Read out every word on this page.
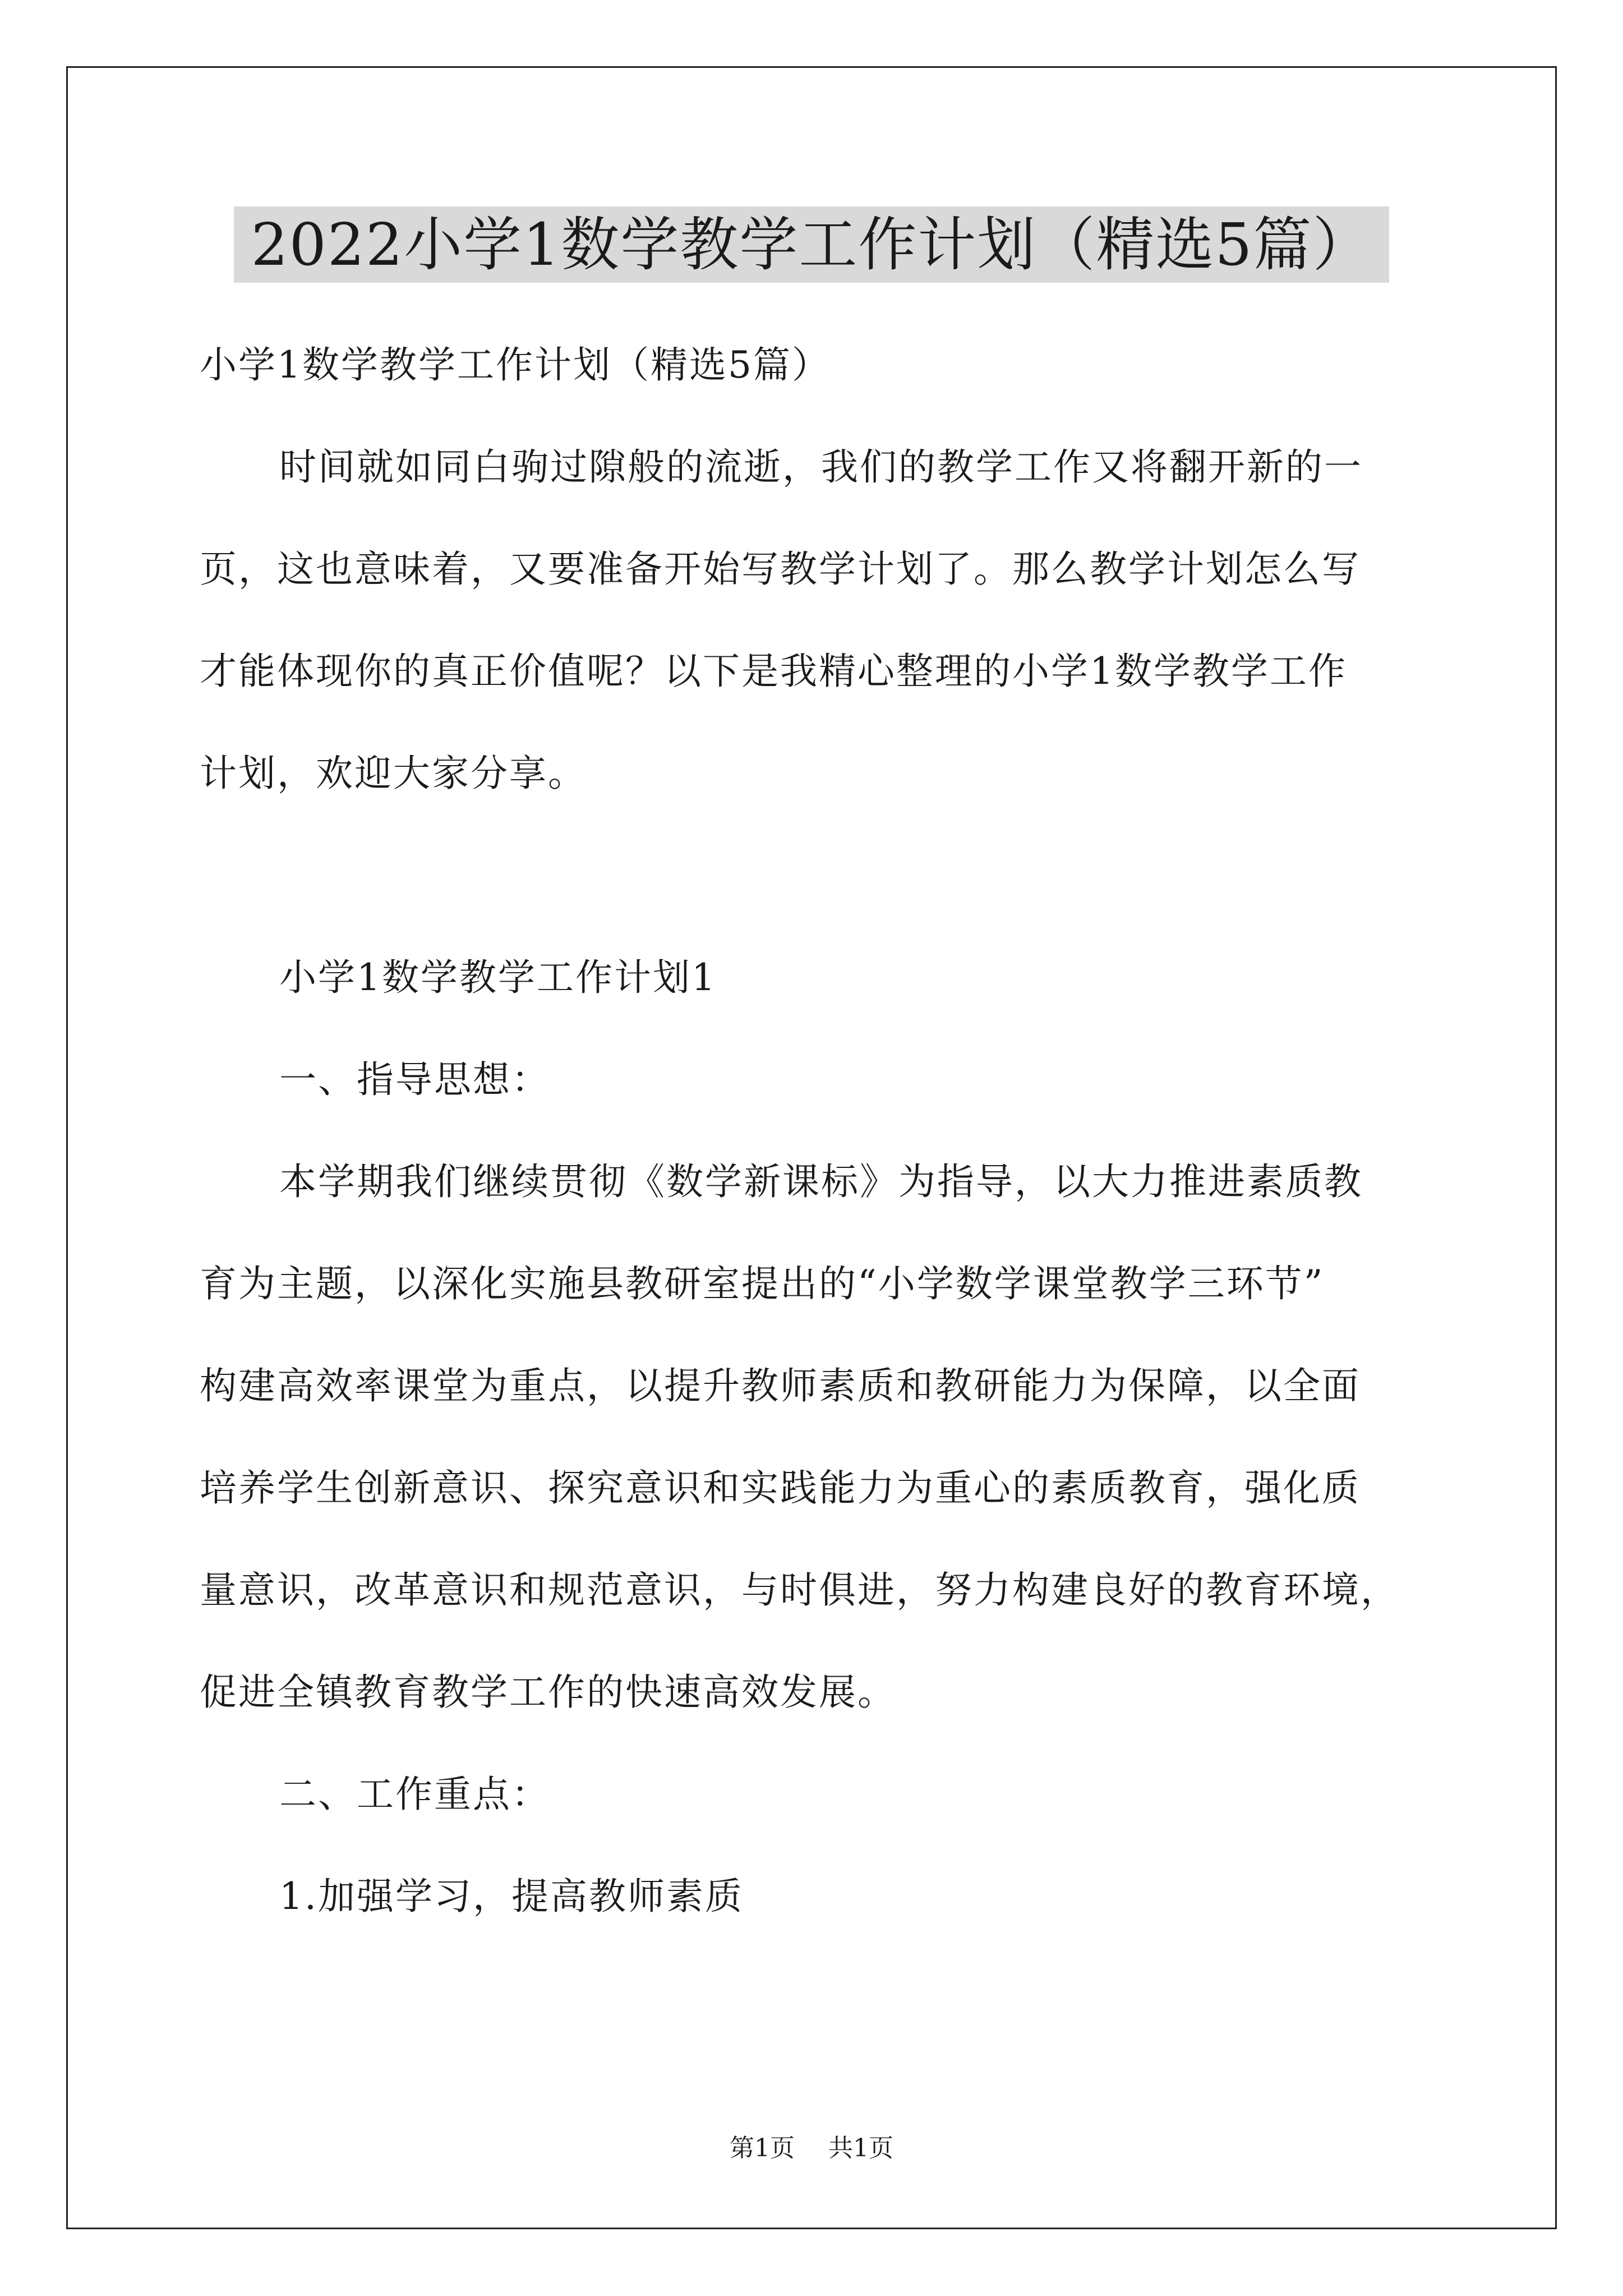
2022小学1数学教学工作计划（精选5篇）

小学1数学教学工作计划（精选5篇）

时间就如同白驹过隙般的流逝，我们的教学工作又将翻开新的一

页，这也意味着，又要准备开始写教学计划了。那么教学计划怎么写

才能体现你的真正价值呢？以下是我精心整理的小学1数学教学工作

计划，欢迎大家分享。

小学1数学教学工作计划1

一、指导思想：

本学期我们继续贯彻《数学新课标》为指导，以大力推进素质教

育为主题，以深化实施县教研室提出的“小学数学课堂教学三环节”

构建高效率课堂为重点，以提升教师素质和教研能力为保障，以全面

培养学生创新意识、探究意识和实践能力为重心的素质教育，强化质

量意识，改革意识和规范意识，与时俱进，努力构建良好的教育环境，

促进全镇教育教学工作的快速高效发展。

二、工作重点：

1.加强学习，提高教师素质

第1页 共1页
